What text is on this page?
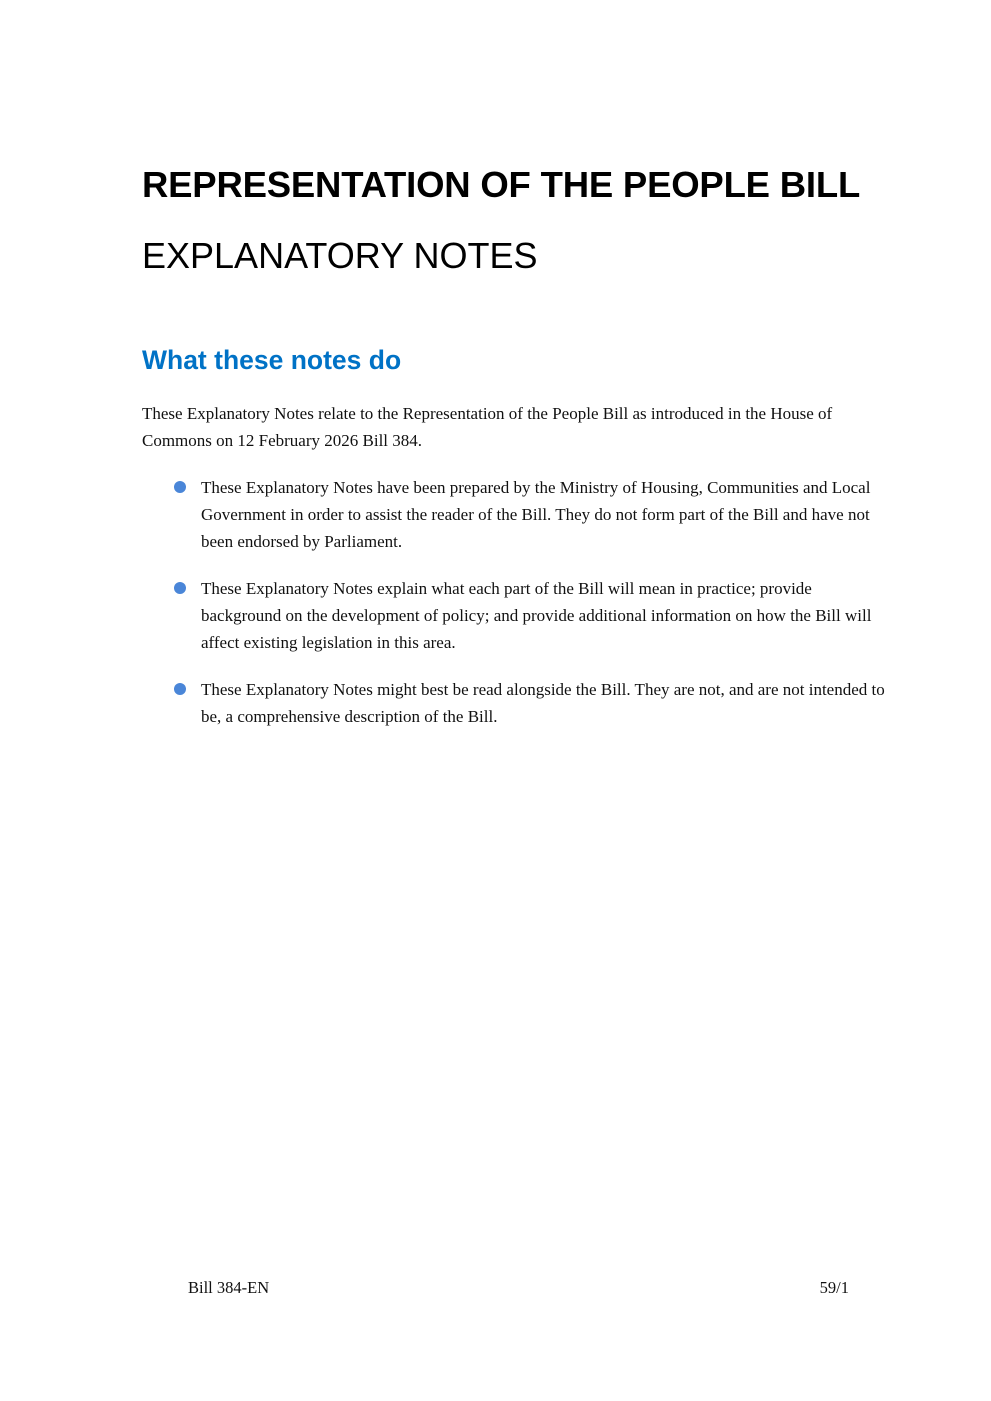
REPRESENTATION OF THE PEOPLE BILL
EXPLANATORY NOTES
What these notes do

These Explanatory Notes relate to the Representation of the People Bill as introduced in the House of Commons on 12 February 2026 Bill 384.

These Explanatory Notes have been prepared by the Ministry of Housing, Communities and Local Government in order to assist the reader of the Bill. They do not form part of the Bill and have not been endorsed by Parliament.
These Explanatory Notes explain what each part of the Bill will mean in practice; provide background on the development of policy; and provide additional information on how the Bill will affect existing legislation in this area.
These Explanatory Notes might best be read alongside the Bill. They are not, and are not intended to be, a comprehensive description of the Bill.
Bill 384-EN	59/1
